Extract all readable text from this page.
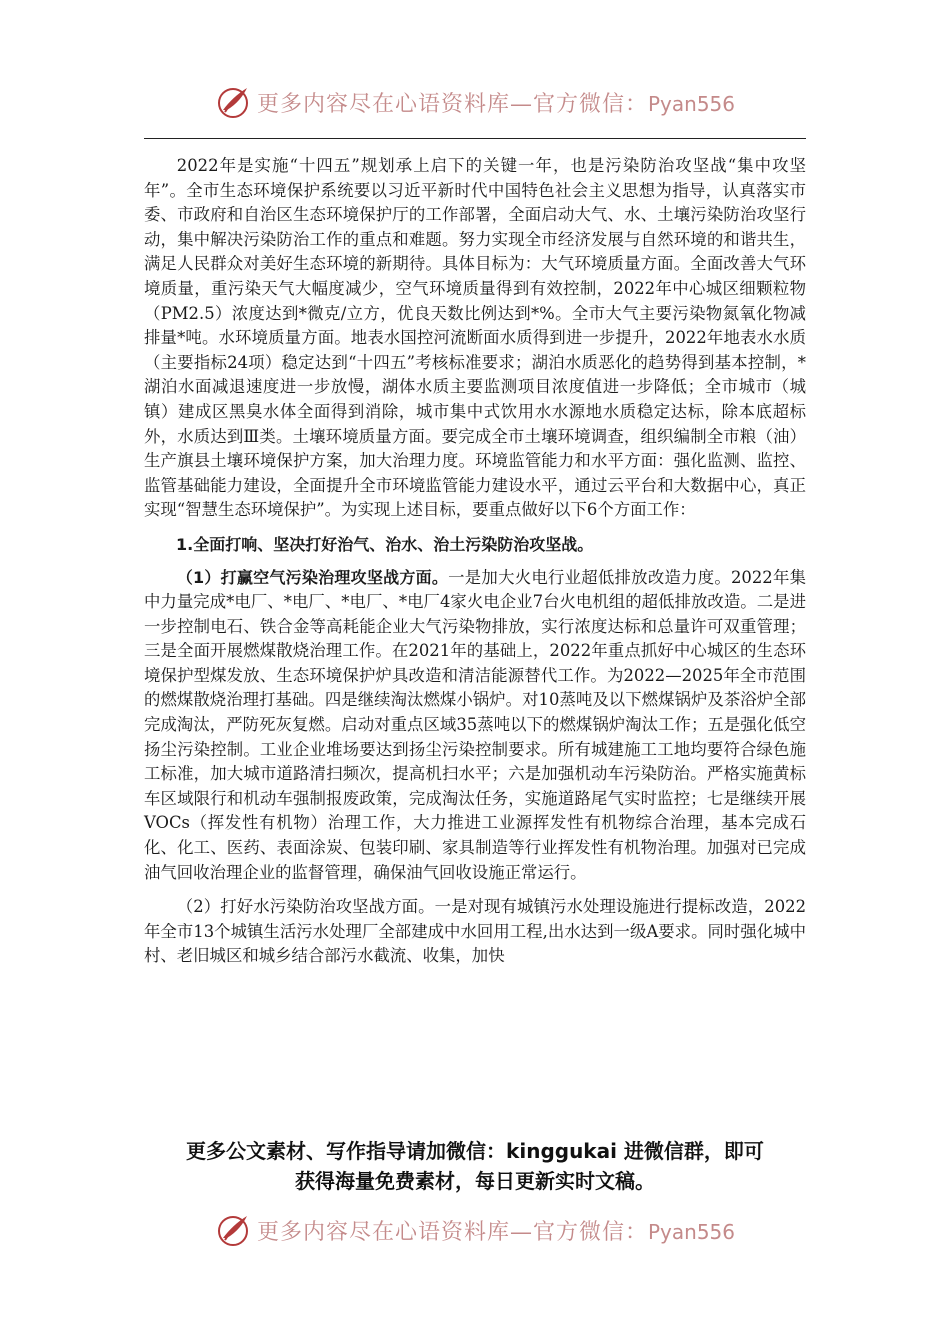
更多内容尽在心语资料库—官方微信：Pyan556

2022年是实施“十四五”规划承上启下的关键一年，也是污染防治攻坚战“集中攻坚年”。全市生态环境保护系统要以习近平新时代中国特色社会主义思想为指导，认真落实市委、市政府和自治区生态环境保护厅的工作部署，全面启动大气、水、土壤污染防治攻坚行动，集中解决污染防治工作的重点和难题。努力实现全市经济发展与自然环境的和谐共生，满足人民群众对美好生态环境的新期待。具体目标为：大气环境质量方面。全面改善大气环境质量，重污染天气大幅度减少，空气环境质量得到有效控制，2022年中心城区细颗粒物（PM2.5）浓度达到*微克/立方，优良天数比例达到*%。全市大气主要污染物氮氧化物减排量*吨。水环境质量方面。地表水国控河流断面水质得到进一步提升，2022年地表水水质（主要指标24项）稳定达到“十四五”考核标准要求；湖泊水质恶化的趋势得到基本控制，*湖泊水面减退速度进一步放慢，湖体水质主要监测项目浓度值进一步降低；全市城市（城镇）建成区黑臭水体全面得到消除，城市集中式饮用水水源地水质稳定达标，除本底超标外，水质达到Ⅲ类。土壤环境质量方面。要完成全市土壤环境调查，组织编制全市粮（油）生产旗县土壤环境保护方案，加大治理力度。环境监管能力和水平方面：强化监测、监控、监管基础能力建设，全面提升全市环境监管能力建设水平，通过云平台和大数据中心，真正实现“智慧生态环境保护”。为实现上述目标，要重点做好以下6个方面工作：

1.全面打响、坚决打好治气、治水、治土污染防治攻坚战。

（1）打赢空气污染治理攻坚战方面。一是加大火电行业超低排放改造力度。2022年集中力量完成*电厂、*电厂、*电厂、*电厂4家火电企业7台火电机组的超低排放改造。二是进一步控制电石、铁合金等高耗能企业大气污染物排放，实行浓度达标和总量许可双重管理；三是全面开展燃煤散烧治理工作。在2021年的基础上，2022年重点抓好中心城区的生态环境保护型煤发放、生态环境保护炉具改造和清洁能源替代工作。为2022—2025年全市范围的燃煤散烧治理打基础。四是继续淘汰燃煤小锅炉。对10蒸吨及以下燃煤锅炉及茶浴炉全部完成淘汰，严防死灰复燃。启动对重点区域35蒸吨以下的燃煤锅炉淘汰工作；五是强化低空扬尘污染控制。工业企业堆场要达到扬尘污染控制要求。所有城建施工工地均要符合绿色施工标准，加大城市道路清扫频次，提高机扫水平；六是加强机动车污染防治。严格实施黄标车区域限行和机动车强制报废政策，完成淘汰任务，实施道路尾气实时监控；七是继续开展VOCs（挥发性有机物）治理工作，大力推进工业源挥发性有机物综合治理，基本完成石化、化工、医药、表面涂炭、包装印刷、家具制造等行业挥发性有机物治理。加强对已完成油气回收治理企业的监督管理，确保油气回收设施正常运行。

（2）打好水污染防治攻坚战方面。一是对现有城镇污水处理设施进行提标改造，2022年全市13个城镇生活污水处理厂全部建成中水回用工程,出水达到一级A要求。同时强化城中村、老旧城区和城乡结合部污水截流、收集，加快

更多公文素材、写作指导请加微信：kinggukai 进微信群，即可
获得海量免费素材，每日更新实时文稿。
更多内容尽在心语资料库—官方微信：Pyan556
